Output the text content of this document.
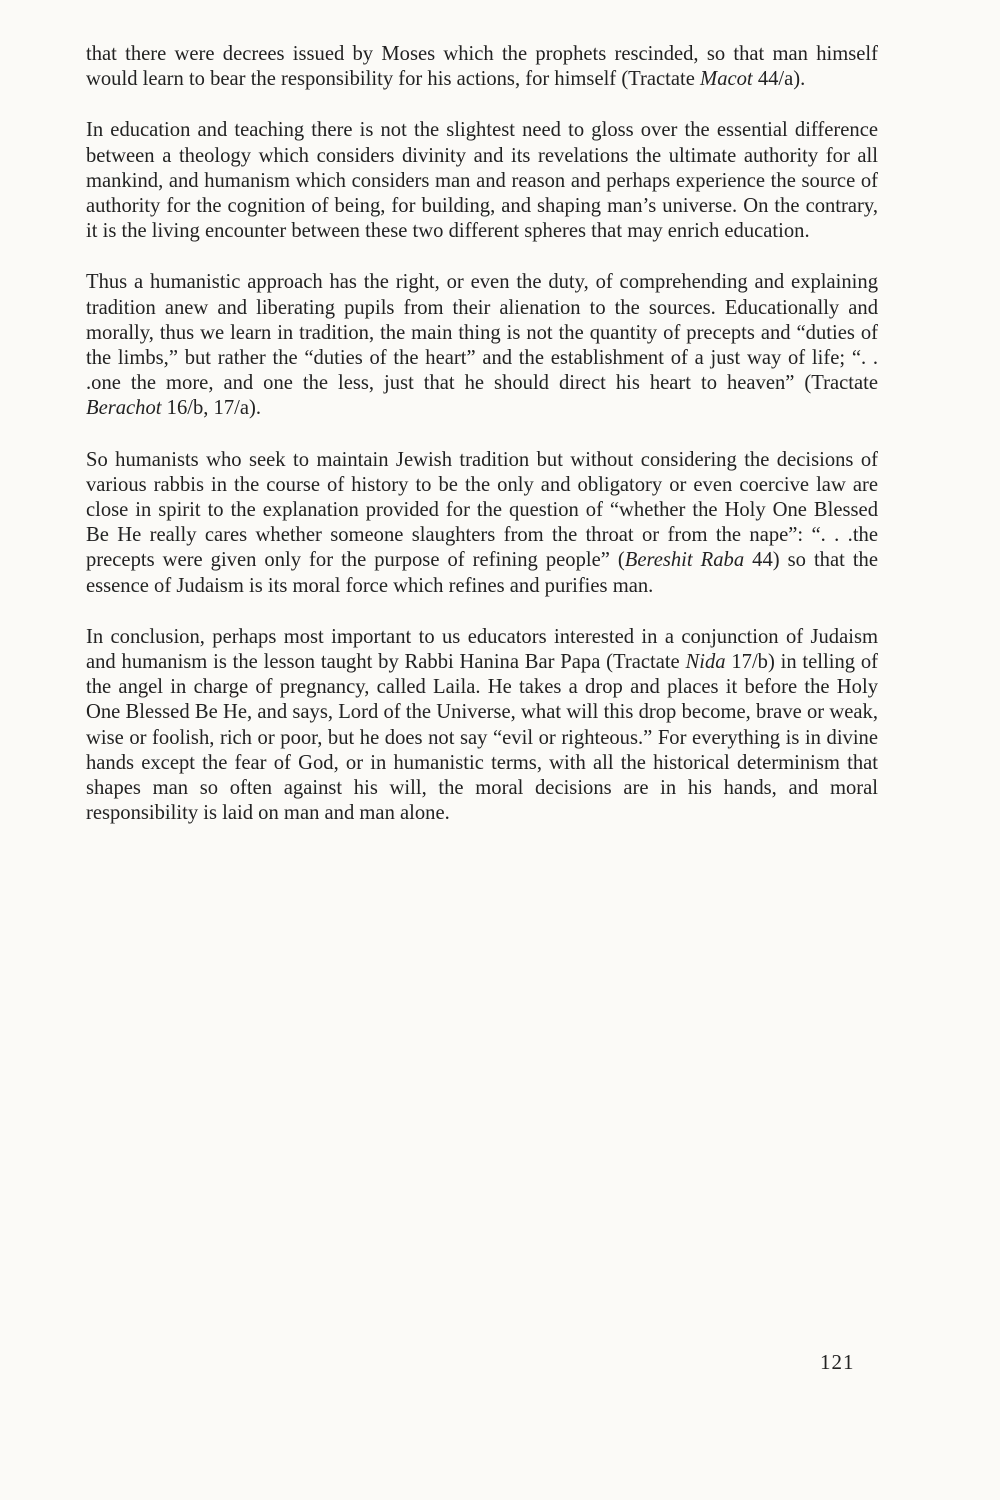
that there were decrees issued by Moses which the prophets rescinded, so that man himself would learn to bear the responsibility for his actions, for himself (Tractate Macot 44/a).

In education and teaching there is not the slightest need to gloss over the essential difference between a theology which considers divinity and its revelations the ultimate authority for all mankind, and humanism which considers man and reason and perhaps experience the source of authority for the cognition of being, for building, and shaping man’s universe. On the contrary, it is the living encounter between these two different spheres that may enrich education.

Thus a humanistic approach has the right, or even the duty, of comprehending and explaining tradition anew and liberating pupils from their alienation to the sources. Educationally and morally, thus we learn in tradition, the main thing is not the quantity of precepts and “duties of the limbs,” but rather the “duties of the heart” and the establishment of a just way of life; “. . .one the more, and one the less, just that he should direct his heart to heaven” (Tractate Berachot 16/b, 17/a).

So humanists who seek to maintain Jewish tradition but without considering the decisions of various rabbis in the course of history to be the only and obligatory or even coercive law are close in spirit to the explanation provided for the question of “whether the Holy One Blessed Be He really cares whether someone slaughters from the throat or from the nape”: “. . .the precepts were given only for the purpose of refining people” (Bereshit Raba 44) so that the essence of Judaism is its moral force which refines and purifies man.

In conclusion, perhaps most important to us educators interested in a conjunction of Judaism and humanism is the lesson taught by Rabbi Hanina Bar Papa (Tractate Nida 17/b) in telling of the angel in charge of pregnancy, called Laila. He takes a drop and places it before the Holy One Blessed Be He, and says, Lord of the Universe, what will this drop become, brave or weak, wise or foolish, rich or poor, but he does not say “evil or righteous.” For everything is in divine hands except the fear of God, or in humanistic terms, with all the historical determinism that shapes man so often against his will, the moral decisions are in his hands, and moral responsibility is laid on man and man alone.

121
